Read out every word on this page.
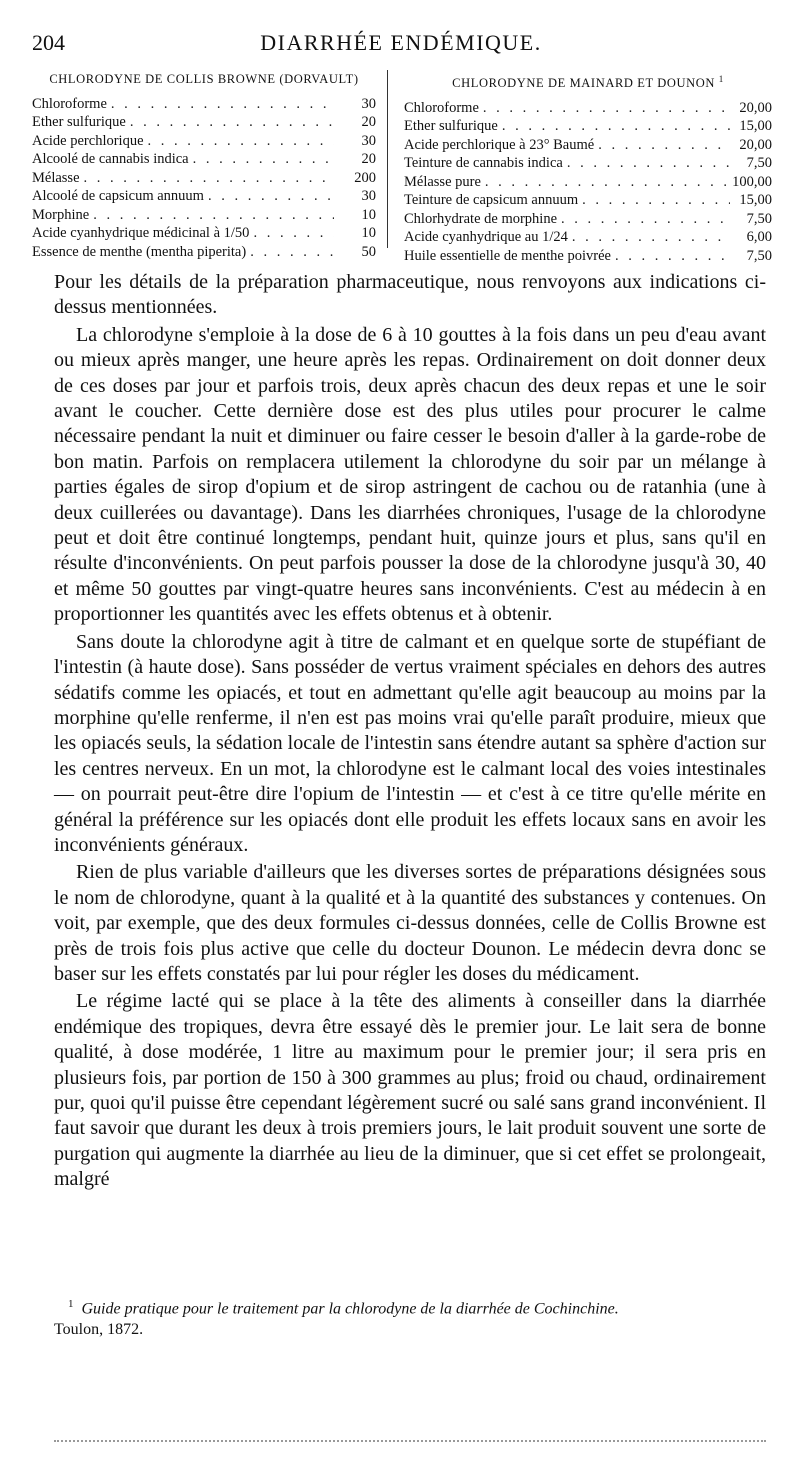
204	DIARRHÉE ENDÉMIQUE.
CHLORODYNE DE COLLIS BROWNE (DORVAULT)
Chloroforme . . .	30
Ether sulfurique . . .	20
Acide perchlorique . . .	30
Alcoolé de cannabis indica . . .	20
Mélasse . . .	200
Alcoolé de capsicum annuum . . .	30
Morphine . . .	10
Acide cyanhydrique médicinal à 1/50 . . .	10
Essence de menthe (mentha piperita) . . .	50
CHLORODYNE DE MAINARD ET DOUNON $^1$
Chloroforme . . .	20,00
Ether sulfurique . . .	15,00
Acide perchlorique à 23° Baumé . . .	20,00
Teinture de cannabis indica . . .	7,50
Mélasse pure . . .	100,00
Teinture de capsicum annuum . . .	15,00
Chlorhydrate de morphine . . .	7,50
Acide cyanhydrique au 1/24 . . .	6,00
Huile essentielle de menthe poivrée . . .	7,50

Pour les détails de la préparation pharmaceutique, nous renvoyons aux indications ci-dessus mentionnées.

La chlorodyne s'emploie à la dose de 6 à 10 gouttes à la fois dans un peu d'eau avant ou mieux après manger, une heure après les repas. Ordinairement on doit donner deux de ces doses par jour et parfois trois, deux après chacun des deux repas et une le soir avant le coucher. Cette dernière dose est des plus utiles pour procurer le calme nécessaire pendant la nuit et diminuer ou faire cesser le besoin d'aller à la garde-robe de bon matin. Parfois on remplacera utilement la chlorodyne du soir par un mélange à parties égales de sirop d'opium et de sirop astringent de cachou ou de ratanhia (une à deux cuillerées ou davantage). Dans les diarrhées chroniques, l'usage de la chlorodyne peut et doit être continué longtemps, pendant huit, quinze jours et plus, sans qu'il en résulte d'inconvénients. On peut parfois pousser la dose de la chlorodyne jusqu'à 30, 40 et même 50 gouttes par vingt-quatre heures sans inconvénients. C'est au médecin à en proportionner les quantités avec les effets obtenus et à obtenir.

Sans doute la chlorodyne agit à titre de calmant et en quelque sorte de stupéfiant de l'intestin (à haute dose). Sans posséder de vertus vraiment spéciales en dehors des autres sédatifs comme les opiacés, et tout en admettant qu'elle agit beaucoup au moins par la morphine qu'elle renferme, il n'en est pas moins vrai qu'elle paraît produire, mieux que les opiacés seuls, la sédation locale de l'intestin sans étendre autant sa sphère d'action sur les centres nerveux. En un mot, la chlorodyne est le calmant local des voies intestinales — on pourrait peut-être dire l'opium de l'intestin — et c'est à ce titre qu'elle mérite en général la préférence sur les opiacés dont elle produit les effets locaux sans en avoir les inconvénients généraux.

Rien de plus variable d'ailleurs que les diverses sortes de préparations désignées sous le nom de chlorodyne, quant à la qualité et à la quantité des substances y contenues. On voit, par exemple, que des deux formules ci-dessus données, celle de Collis Browne est près de trois fois plus active que celle du docteur Dounon. Le médecin devra donc se baser sur les effets constatés par lui pour régler les doses du médicament.

Le régime lacté qui se place à la tête des aliments à conseiller dans la diarrhée endémique des tropiques, devra être essayé dès le premier jour. Le lait sera de bonne qualité, à dose modérée, 1 litre au maximum pour le premier jour; il sera pris en plusieurs fois, par portion de 150 à 300 grammes au plus; froid ou chaud, ordinairement pur, quoi qu'il puisse être cependant légèrement sucré ou salé sans grand inconvénient. Il faut savoir que durant les deux à trois premiers jours, le lait produit souvent une sorte de purgation qui augmente la diarrhée au lieu de la diminuer, que si cet effet se prolongeait, malgré

$^1$ Guide pratique pour le traitement par la chlorodyne de la diarrhée de Cochinchine.
Toulon, 1872.
